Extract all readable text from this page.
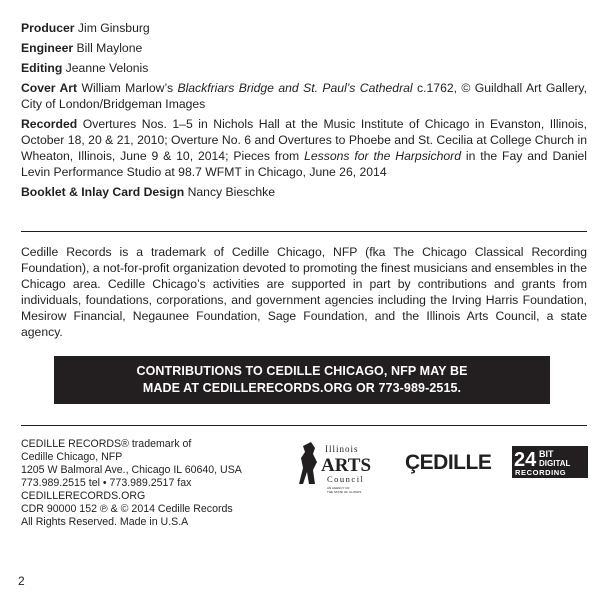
Producer Jim Ginsburg
Engineer Bill Maylone
Editing Jeanne Velonis
Cover Art William Marlow’s Blackfriars Bridge and St. Paul’s Cathedral c.1762, © Guildhall Art Gallery, City of London/Bridgeman Images
Recorded Overtures Nos. 1–5 in Nichols Hall at the Music Institute of Chicago in Evanston, Illinois, October 18, 20 & 21, 2010; Overture No. 6 and Overtures to Phoebe and St. Cecilia at College Church in Wheaton, Illinois, June 9 & 10, 2014; Pieces from Lessons for the Harpsichord in the Fay and Daniel Levin Performance Studio at 98.7 WFMT in Chicago, June 26, 2014
Booklet & Inlay Card Design Nancy Bieschke

Cedille Records is a trademark of Cedille Chicago, NFP (fka The Chicago Classical Recording Foundation), a not-for-profit organization devoted to promoting the finest musicians and ensembles in the Chicago area. Cedille Chicago’s activities are supported in part by contributions and grants from individuals, foundations, corporations, and government agencies including the Irving Harris Foundation, Mesirow Financial, Negaunee Foundation, Sage Foundation, and the Illinois Arts Council, a state agency.

CONTRIBUTIONS TO CEDILLE CHICAGO, NFP MAY BE
MADE AT CEDILLERECORDS.ORG OR 773-989-2515.
CEDILLE RECORDS® trademark of
Cedille Chicago, NFP
1205 W Balmoral Ave., Chicago IL 60640, USA
773.989.2515 tel • 773.989.2517 fax
CEDILLERECORDS.ORG
CDR 90000 152 ℗ & © 2014 Cedille Records
All Rights Reserved. Made in U.S.A
Illinois
ARTS
Council
AN AGENCY OF
THE STATE OF ILLINOIS
ÇEDILLE 24 BIT
DIGITAL
RECORDING
2
